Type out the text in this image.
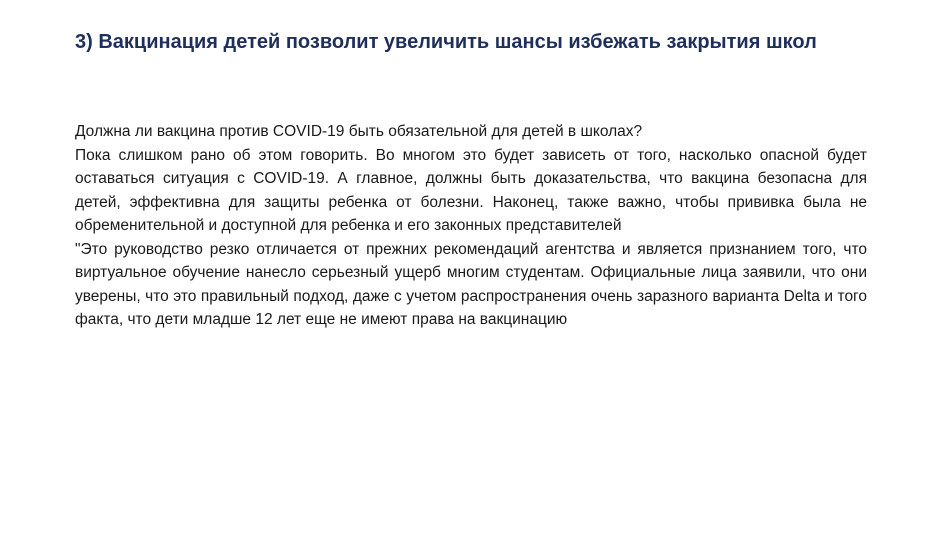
3) Вакцинация детей позволит увеличить шансы избежать закрытия школ

Должна ли вакцина против COVID-19 быть обязательной для детей в школах?

Пока слишком рано об этом говорить. Во многом это будет зависеть от того, насколько опасной будет оставаться ситуация с COVID-19. А главное, должны быть доказательства, что вакцина безопасна для детей, эффективна для защиты ребенка от болезни. Наконец, также важно, чтобы прививка была не обременительной и доступной для ребенка и его законных представителей

"Это руководство резко отличается от прежних рекомендаций агентства и является признанием того, что виртуальное обучение нанесло серьезный ущерб многим студентам. Официальные лица заявили, что они уверены, что это правильный подход, даже с учетом распространения очень заразного варианта Delta и того факта, что дети младше 12 лет еще не имеют права на вакцинацию
